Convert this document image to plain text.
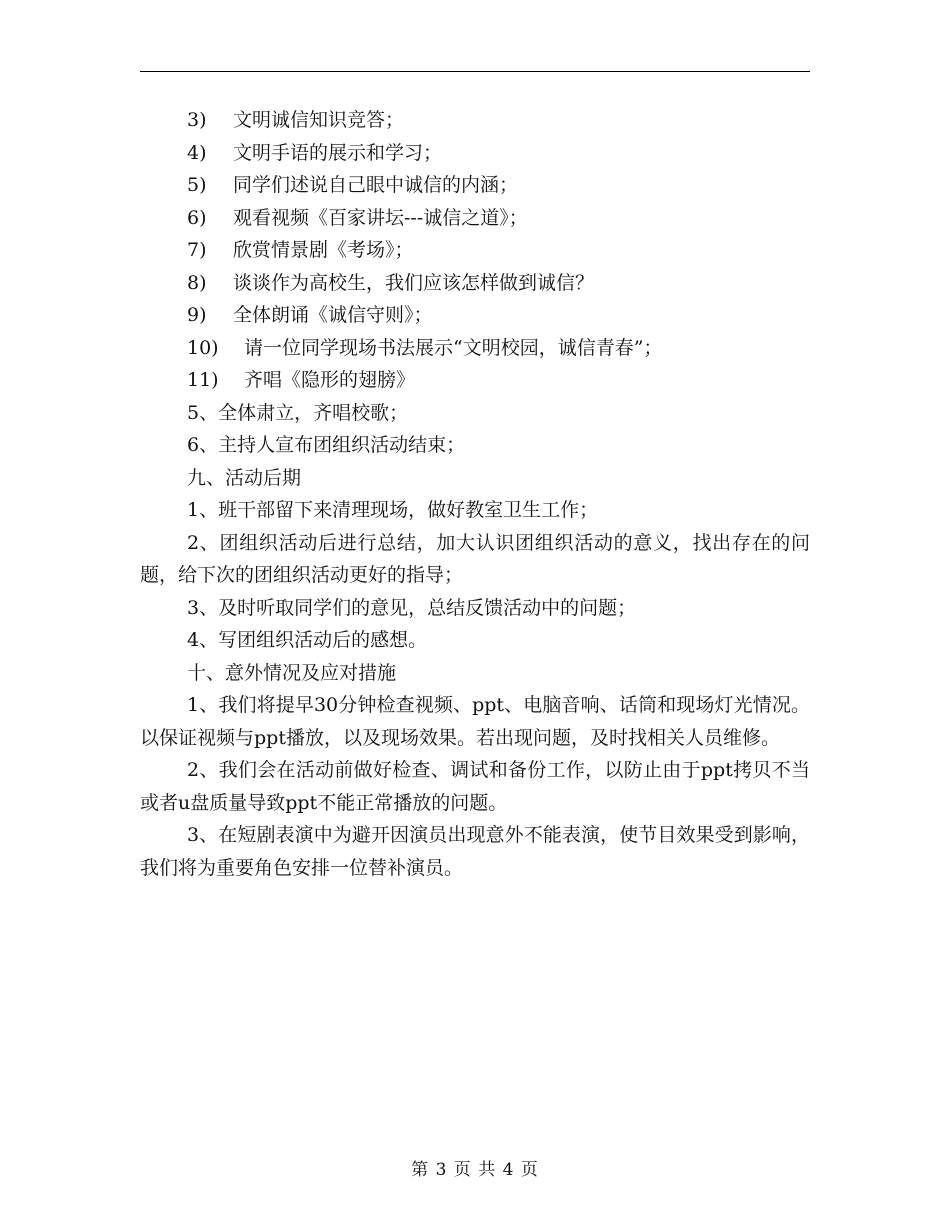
3) 文明诚信知识竞答；
4) 文明手语的展示和学习；
5) 同学们述说自己眼中诚信的内涵；
6) 观看视频《百家讲坛---诚信之道》；
7) 欣赏情景剧《考场》；
8) 谈谈作为高校生，我们应该怎样做到诚信？
9) 全体朗诵《诚信守则》；
10) 请一位同学现场书法展示“文明校园，诚信青春”；
11) 齐唱《隐形的翅膀》
5、全体肃立，齐唱校歌；
6、主持人宣布团组织活动结束；
九、活动后期
1、班干部留下来清理现场，做好教室卫生工作；
2、团组织活动后进行总结，加大认识团组织活动的意义，找出存在的问题，给下次的团组织活动更好的指导；
3、及时听取同学们的意见，总结反馈活动中的问题；
4、写团组织活动后的感想。
十、意外情况及应对措施
1、我们将提早30分钟检查视频、ppt、电脑音响、话筒和现场灯光情况。以保证视频与ppt播放，以及现场效果。若出现问题，及时找相关人员维修。
2、我们会在活动前做好检查、调试和备份工作，以防止由于ppt拷贝不当或者u盘质量导致ppt不能正常播放的问题。
3、在短剧表演中为避开因演员出现意外不能表演，使节目效果受到影响，我们将为重要角色安排一位替补演员。
第 3 页 共 4 页
